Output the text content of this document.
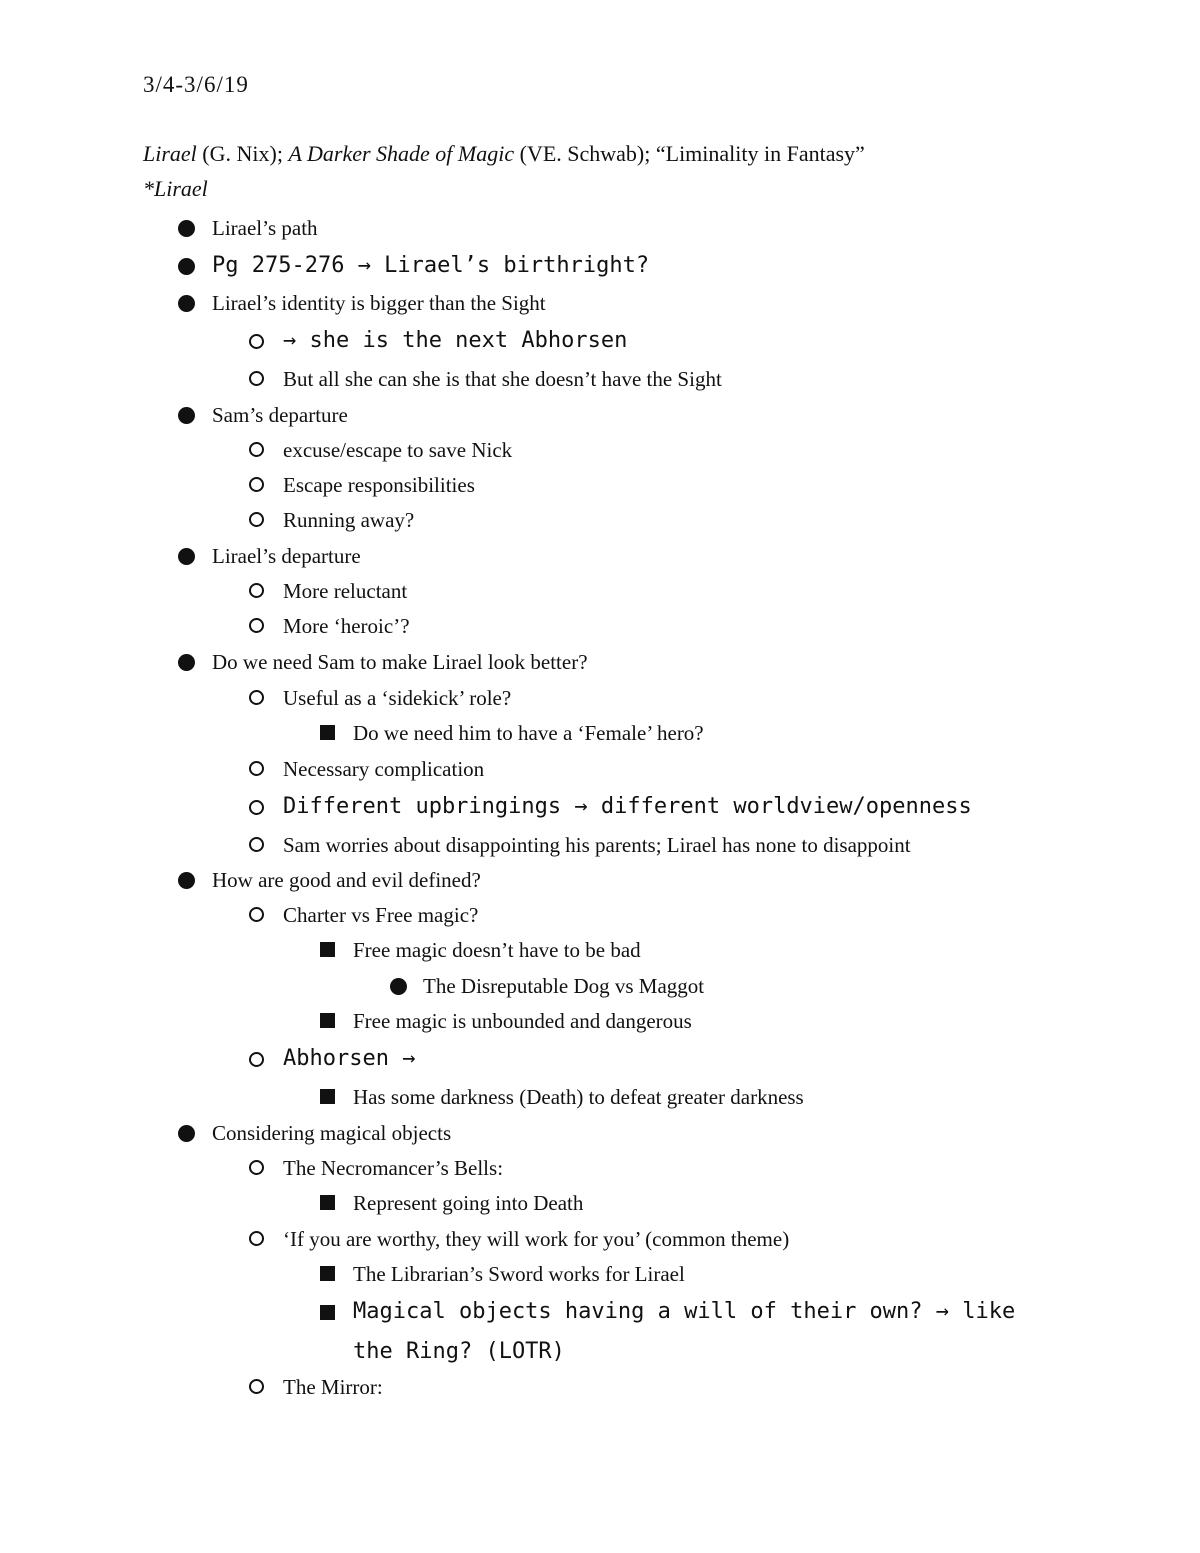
3/4-3/6/19
Lirael (G. Nix); A Darker Shade of Magic (VE. Schwab); “Liminality in Fantasy”
*Lirael
Lirael’s path
Pg 275-276 → Lirael’s birthright?
Lirael’s identity is bigger than the Sight
→ she is the next Abhorsen
But all she can she is that she doesn’t have the Sight
Sam’s departure
excuse/escape to save Nick
Escape responsibilities
Running away?
Lirael’s departure
More reluctant
More ‘heroic’?
Do we need Sam to make Lirael look better?
Useful as a ‘sidekick’ role?
Do we need him to have a ‘Female’ hero?
Necessary complication
Different upbringings → different worldview/openness
Sam worries about disappointing his parents; Lirael has none to disappoint
How are good and evil defined?
Charter vs Free magic?
Free magic doesn’t have to be bad
The Disreputable Dog vs Maggot
Free magic is unbounded and dangerous
Abhorsen →
Has some darkness (Death) to defeat greater darkness
Considering magical objects
The Necromancer’s Bells:
Represent going into Death
‘If you are worthy, they will work for you’ (common theme)
The Librarian’s Sword works for Lirael
Magical objects having a will of their own? → like the Ring? (LOTR)
The Mirror:
